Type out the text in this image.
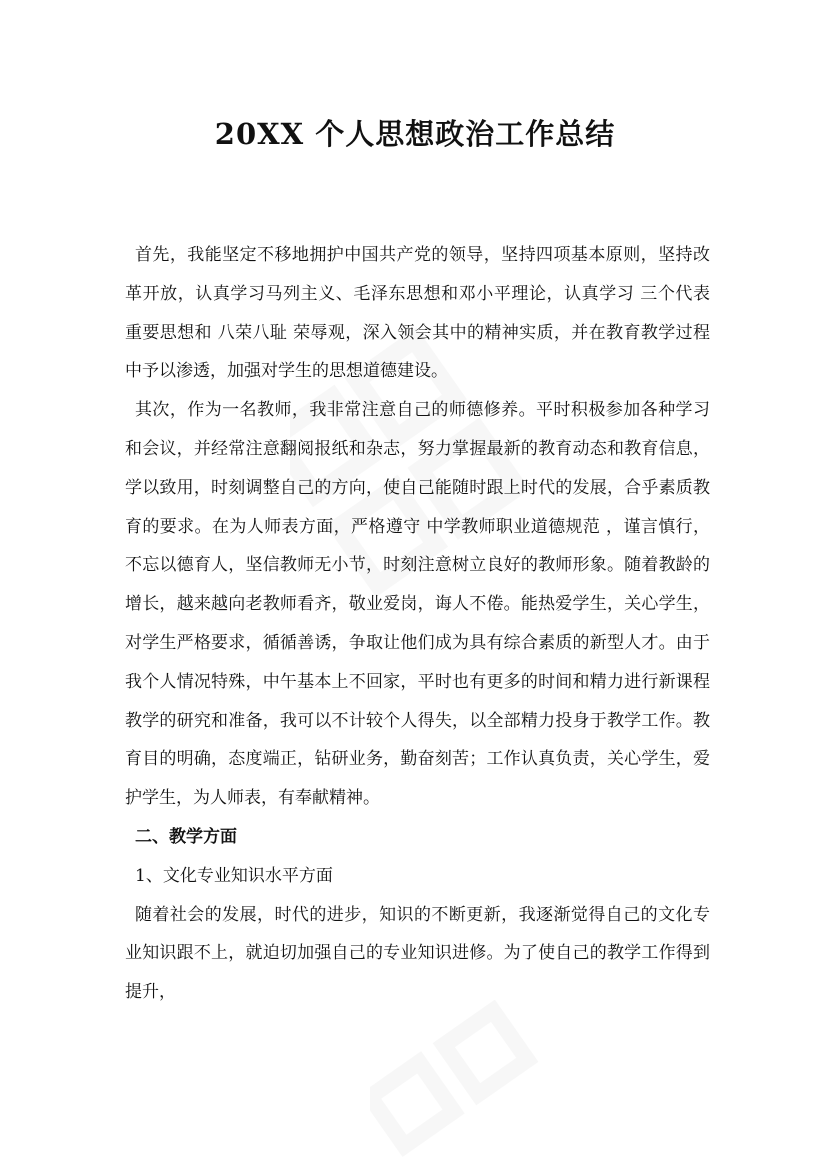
20XX 个人思想政治工作总结

首先，我能坚定不移地拥护中国共产党的领导，坚持四项基本原则，坚持改革开放，认真学习马列主义、毛泽东思想和邓小平理论，认真学习 三个代表 重要思想和 八荣八耻 荣辱观，深入领会其中的精神实质，并在教育教学过程中予以渗透，加强对学生的思想道德建设。

其次，作为一名教师，我非常注意自己的师德修养。平时积极参加各种学习和会议，并经常注意翻阅报纸和杂志，努力掌握最新的教育动态和教育信息，学以致用，时刻调整自己的方向，使自己能随时跟上时代的发展，合乎素质教育的要求。在为人师表方面，严格遵守 中学教师职业道德规范 ，谨言慎行，不忘以德育人，坚信教师无小节，时刻注意树立良好的教师形象。随着教龄的增长，越来越向老教师看齐，敬业爱岗，诲人不倦。能热爱学生，关心学生，对学生严格要求，循循善诱，争取让他们成为具有综合素质的新型人才。由于我个人情况特殊，中午基本上不回家，平时也有更多的时间和精力进行新课程教学的研究和准备，我可以不计较个人得失，以全部精力投身于教学工作。教育目的明确，态度端正，钻研业务，勤奋刻苦；工作认真负责，关心学生，爱护学生，为人师表，有奉献精神。

二、教学方面

1、文化专业知识水平方面

随着社会的发展，时代的进步，知识的不断更新，我逐渐觉得自己的文化专业知识跟不上，就迫切加强自己的专业知识进修。为了使自己的教学工作得到提升，
